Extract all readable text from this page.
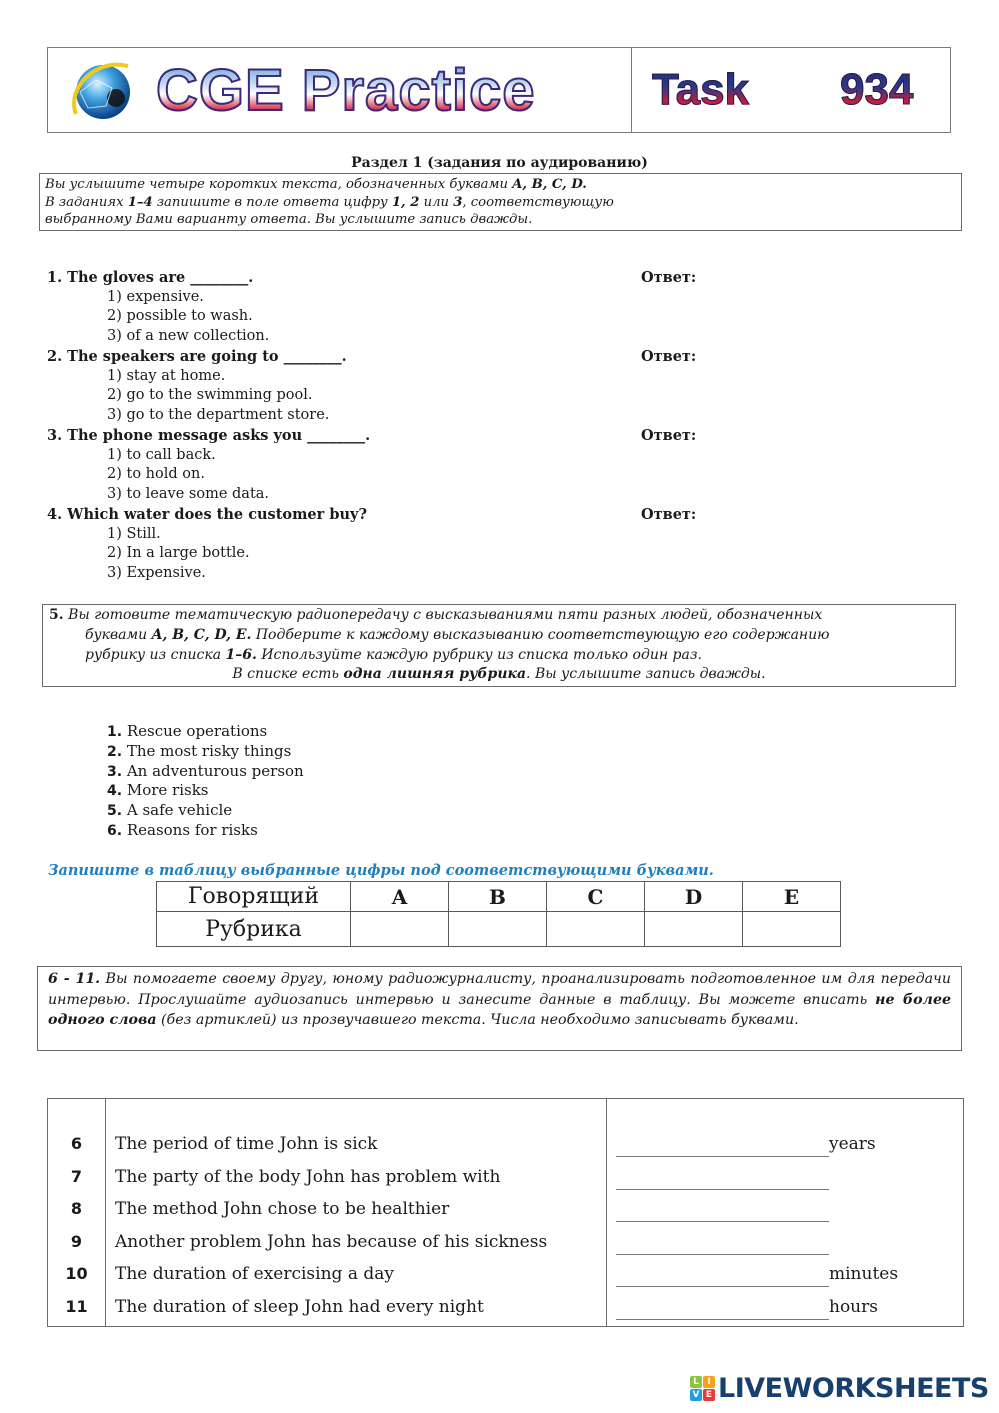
CGE Practice	Task 934
Раздел 1 (задания по аудированию)
Вы услышите четыре коротких текста, обозначенных буквами A, B, C, D.
В заданиях 1–4 запишите в поле ответа цифру 1, 2 или 3, соответствующую
выбранному Вами варианту ответа. Вы услышите запись дважды.
1. The gloves are ________.	Ответ:
1) expensive.
2) possible to wash.
3) of a new collection.
2. The speakers are going to ________.	Ответ:
1) stay at home.
2) go to the swimming pool.
3) go to the department store.
3. The phone message asks you ________.	Ответ:
1) to call back.
2) to hold on.
3) to leave some data.
4. Which water does the customer buy?	Ответ:
1) Still.
2) In a large bottle.
3) Expensive.
5. Вы готовите тематическую радиопередачу с высказываниями пяти разных людей, обозначенных
буквами A, B, C, D, E. Подберите к каждому высказыванию соответствующую его содержанию
рубрику из списка 1–6. Используйте каждую рубрику из списка только один раз.
В списке есть одна лишняя рубрика. Вы услышите запись дважды.
1. Rescue operations
2. The most risky things
3. An adventurous person
4. More risks
5. A safe vehicle
6. Reasons for risks
Запишите в таблицу выбранные цифры под соответствующими буквами.
Говорящий	A	B	C	D	E
Рубрика					
6 - 11. Вы помогаете своему другу, юному радиожурналисту, проанализировать подготовленное им для передачи интервью. Прослушайте аудиозапись интервью и занесите данные в таблицу. Вы можете вписать не более одного слова (без артиклей) из прозвучавшего текста. Числа необходимо записывать буквами.
6	The period of time John is sick	years
7	The party of the body John has problem with
8	The method John chose to be healthier
9	Another problem John has because of his sickness
10	The duration of exercising a day	minutes
11	The duration of sleep John had every night	hours
L I
V E LIVEWORKSHEETS
